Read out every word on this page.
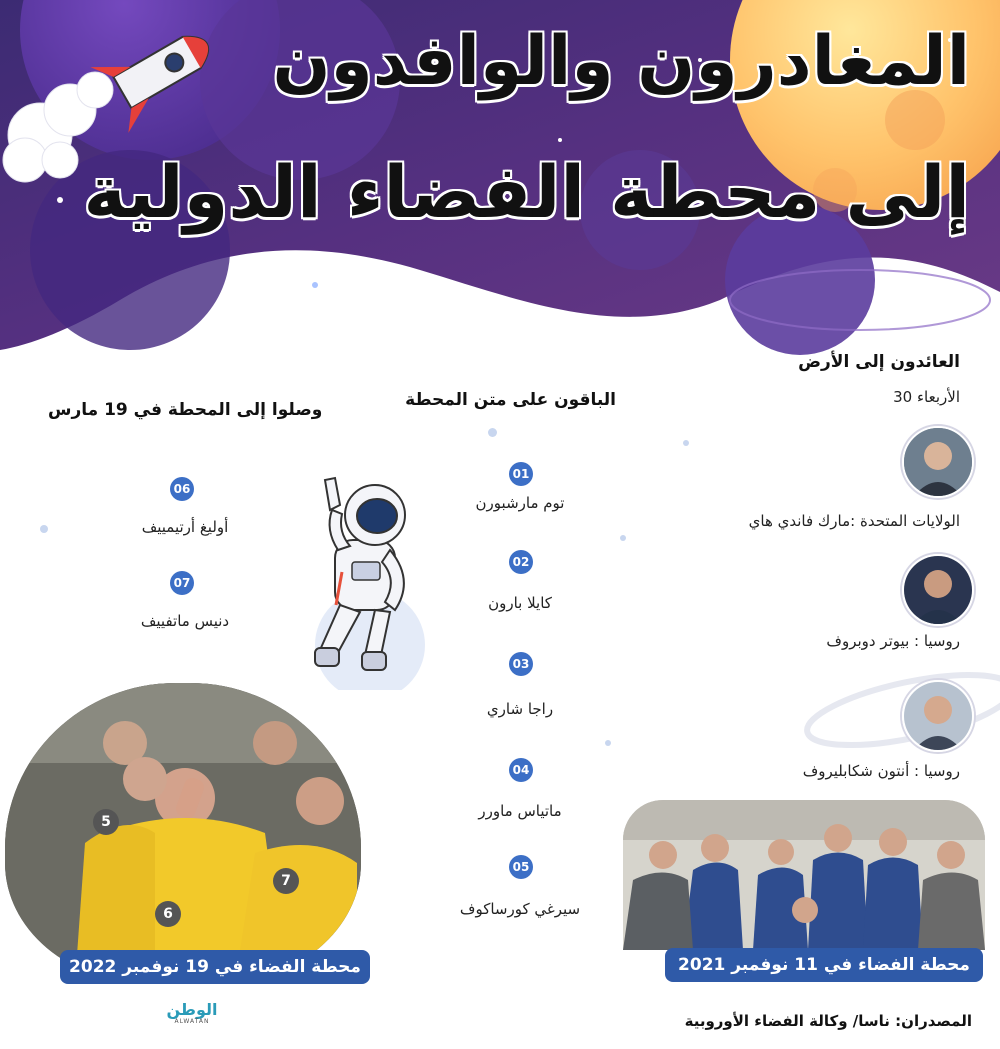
المغادرون والوافدون
إلى محطة الفضاء الدولية
العائدون إلى الأرض
الأربعاء 30
الولايات المتحدة :مارك فاندي هاي
روسيا : بيوتر دوبروف
روسيا : أنتون شكابليروف
الباقون على متن المحطة
01
توم مارشبورن
02
كايلا بارون
03
راجا شاري
04
ماتياس ماورر
05
سيرغي كورساكوف
وصلوا إلى المحطة في 19 مارس
06
أوليغ أرتيمييف
07
دنيس ماتفييف
5
6
7
محطة الفضاء في 19 نوفمبر 2022	محطة الفضاء في 11 نوفمبر 2021
الوطن
ALWATAN	المصدران: ناسا/ وكالة الفضاء الأوروبية
